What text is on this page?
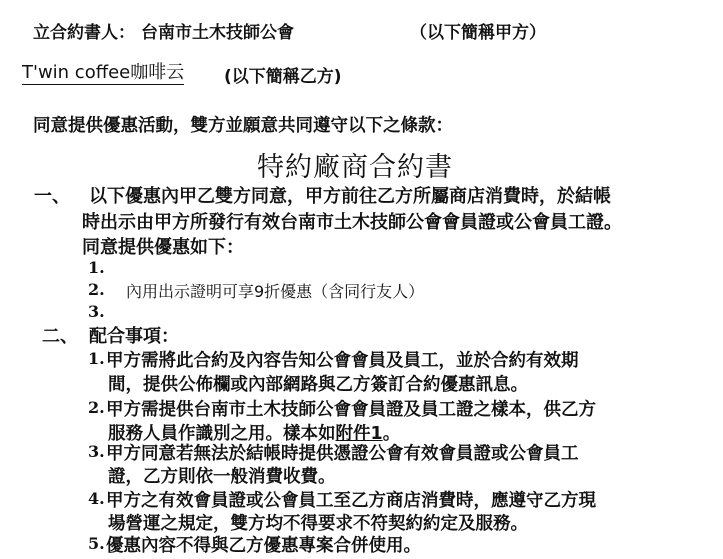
立合約書人： 台南市土木技師公會	（以下簡稱甲方）
T'win coffee咖啡云 (以下簡稱乙方)
同意提供優惠活動，雙方並願意共同遵守以下之條款：
特約廠商合約書
一、 以下優惠內甲乙雙方同意，甲方前往乙方所屬商店消費時，於結帳
時出示由甲方所發行有效台南市土木技師公會會員證或公會員工證。
同意提供優惠如下：
1.
2. 內用出示證明可享9折優惠（含同行友人）
3.
二、 配合事項：
1. 甲方需將此合約及內容告知公會會員及員工，並於合約有效期
間，提供公佈欄或內部網路與乙方簽訂合約優惠訊息。
2. 甲方需提供台南市土木技師公會會員證及員工證之樣本，供乙方
服務人員作識別之用。樣本如附件1。
3. 甲方同意若無法於結帳時提供憑證公會有效會員證或公會員工
證，乙方則依一般消費收費。
4. 甲方之有效會員證或公會員工至乙方商店消費時，應遵守乙方現
場營運之規定，雙方均不得要求不符契約約定及服務。
5. 優惠內容不得與乙方優惠專案合併使用。
